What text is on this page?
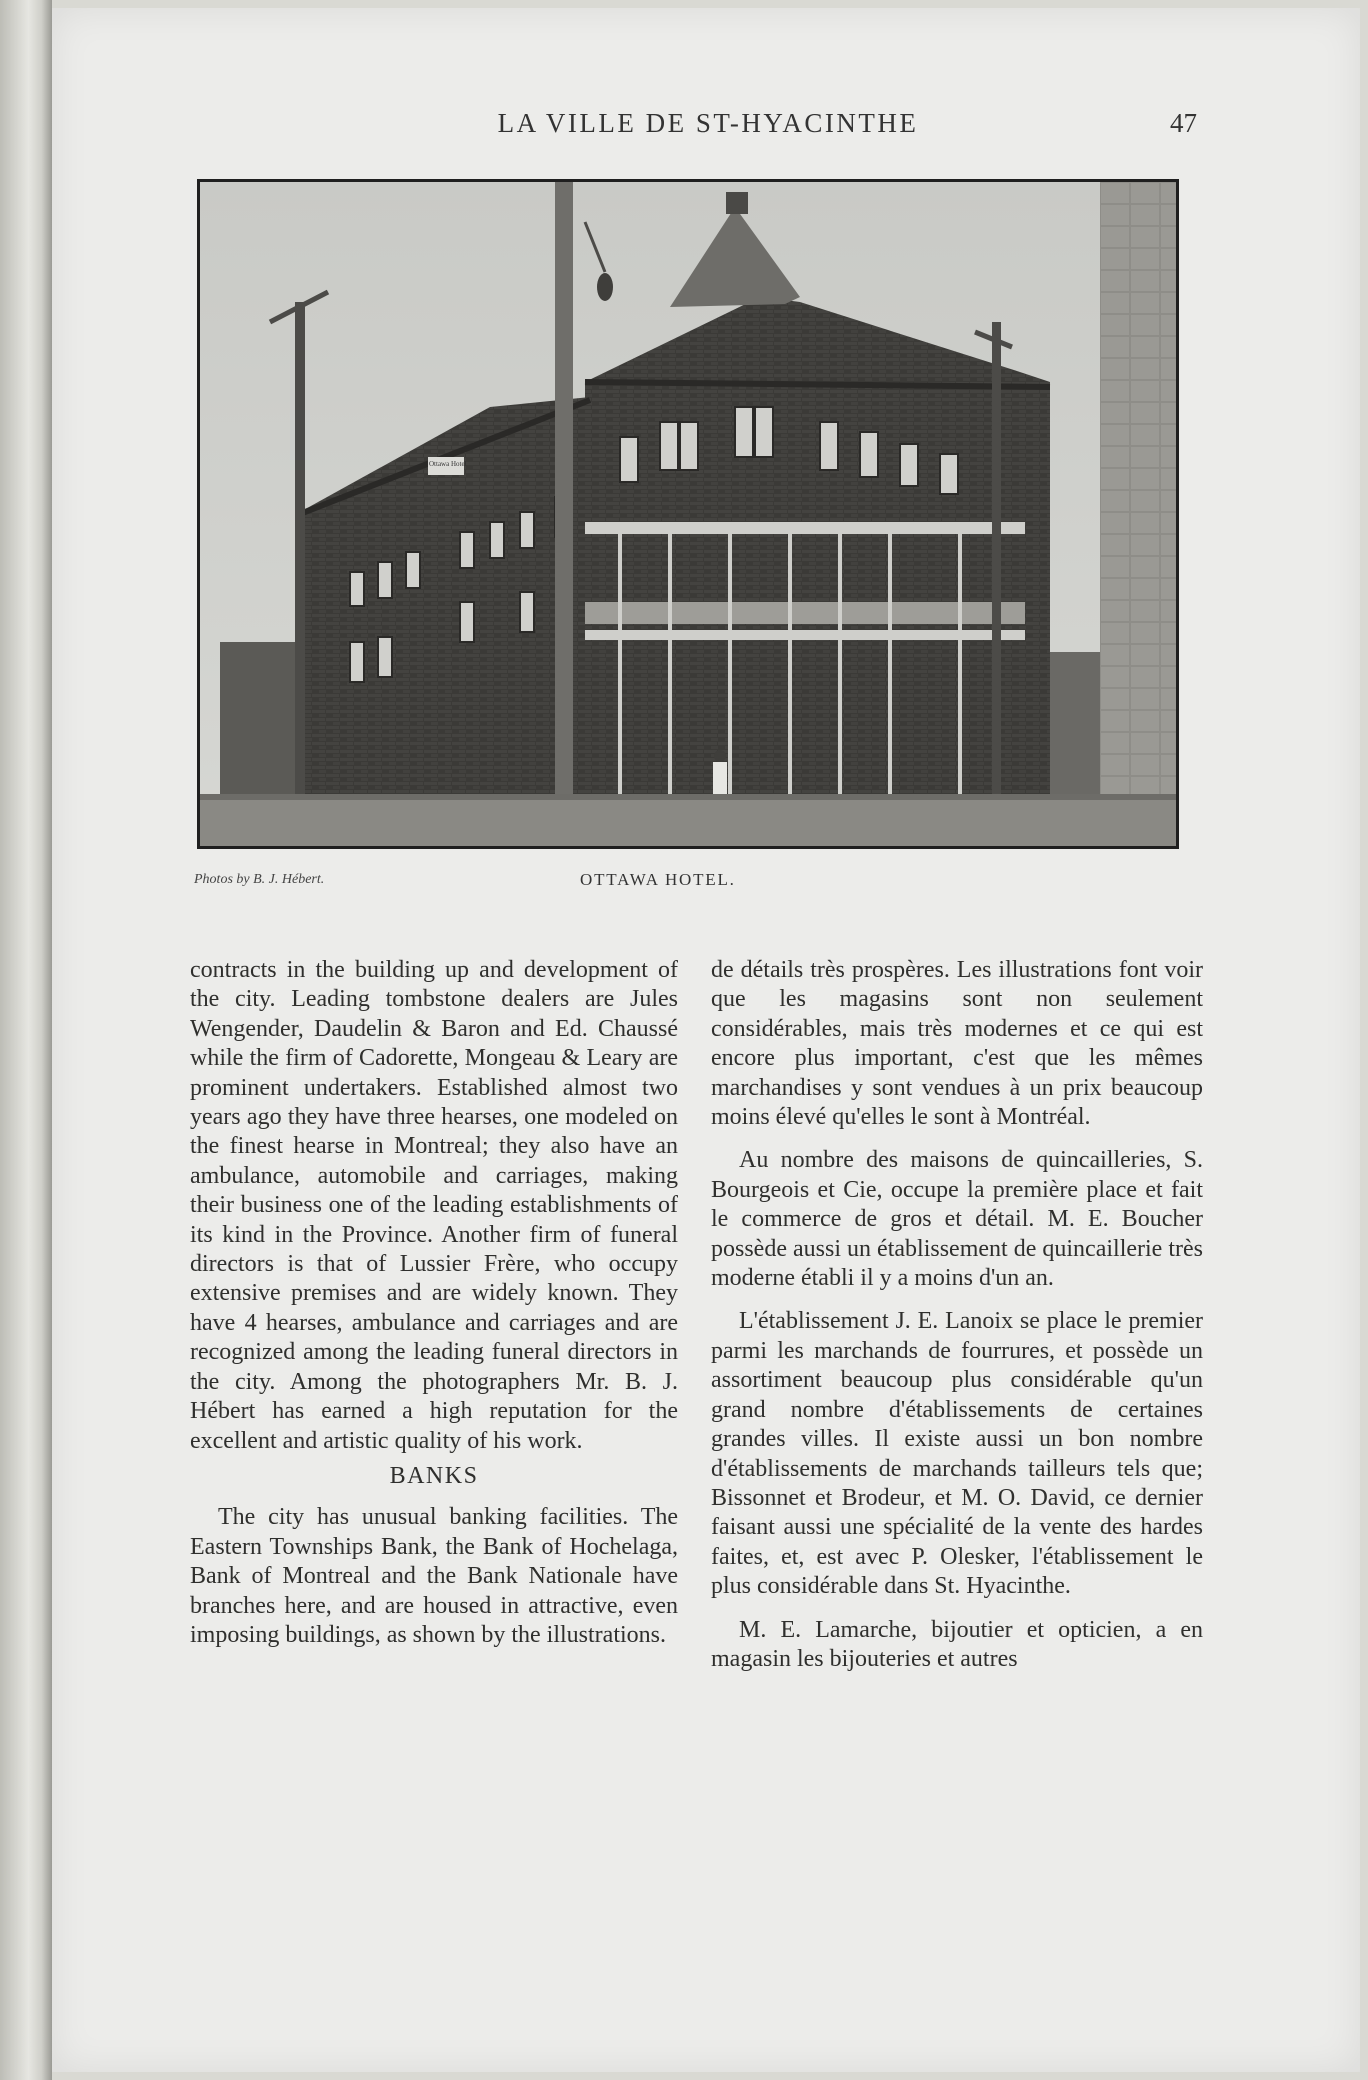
LA VILLE DE ST-HYACINTHE	47
Ottawa Hotel
Photos by B. J. Hébert.	OTTAWA HOTEL.

contracts in the building up and development of the city. Leading tombstone dealers are Jules Wengender, Daudelin & Baron and Ed. Chaussé while the firm of Cadorette, Mongeau & Leary are prominent undertakers. Established almost two years ago they have three hearses, one modeled on the finest hearse in Montreal; they also have an ambulance, automobile and carriages, making their business one of the leading establishments of its kind in the Province. Another firm of funeral directors is that of Lussier Frère, who occupy extensive premises and are widely known. They have 4 hearses, ambulance and carriages and are recognized among the leading funeral directors in the city. Among the photographers Mr. B. J. Hébert has earned a high reputation for the excellent and artistic quality of his work.

BANKS

The city has unusual banking facilities. The Eastern Townships Bank, the Bank of Hochelaga, Bank of Montreal and the Bank Nationale have branches here, and are housed in attractive, even imposing buildings, as shown by the illustrations.

de détails très prospères. Les illustrations font voir que les magasins sont non seulement considérables, mais très modernes et ce qui est encore plus important, c'est que les mêmes marchandises y sont vendues à un prix beaucoup moins élevé qu'elles le sont à Montréal.

Au nombre des maisons de quincailleries, S. Bourgeois et Cie, occupe la première place et fait le commerce de gros et détail. M. E. Boucher possède aussi un établissement de quincaillerie très moderne établi il y a moins d'un an.

L'établissement J. E. Lanoix se place le premier parmi les marchands de fourrures, et possède un assortiment beaucoup plus considérable qu'un grand nombre d'établissements de certaines grandes villes. Il existe aussi un bon nombre d'établissements de marchands tailleurs tels que; Bissonnet et Brodeur, et M. O. David, ce dernier faisant aussi une spécialité de la vente des hardes faites, et, est avec P. Olesker, l'établissement le plus considérable dans St. Hyacinthe.

M. E. Lamarche, bijoutier et opticien, a en magasin les bijouteries et autres
